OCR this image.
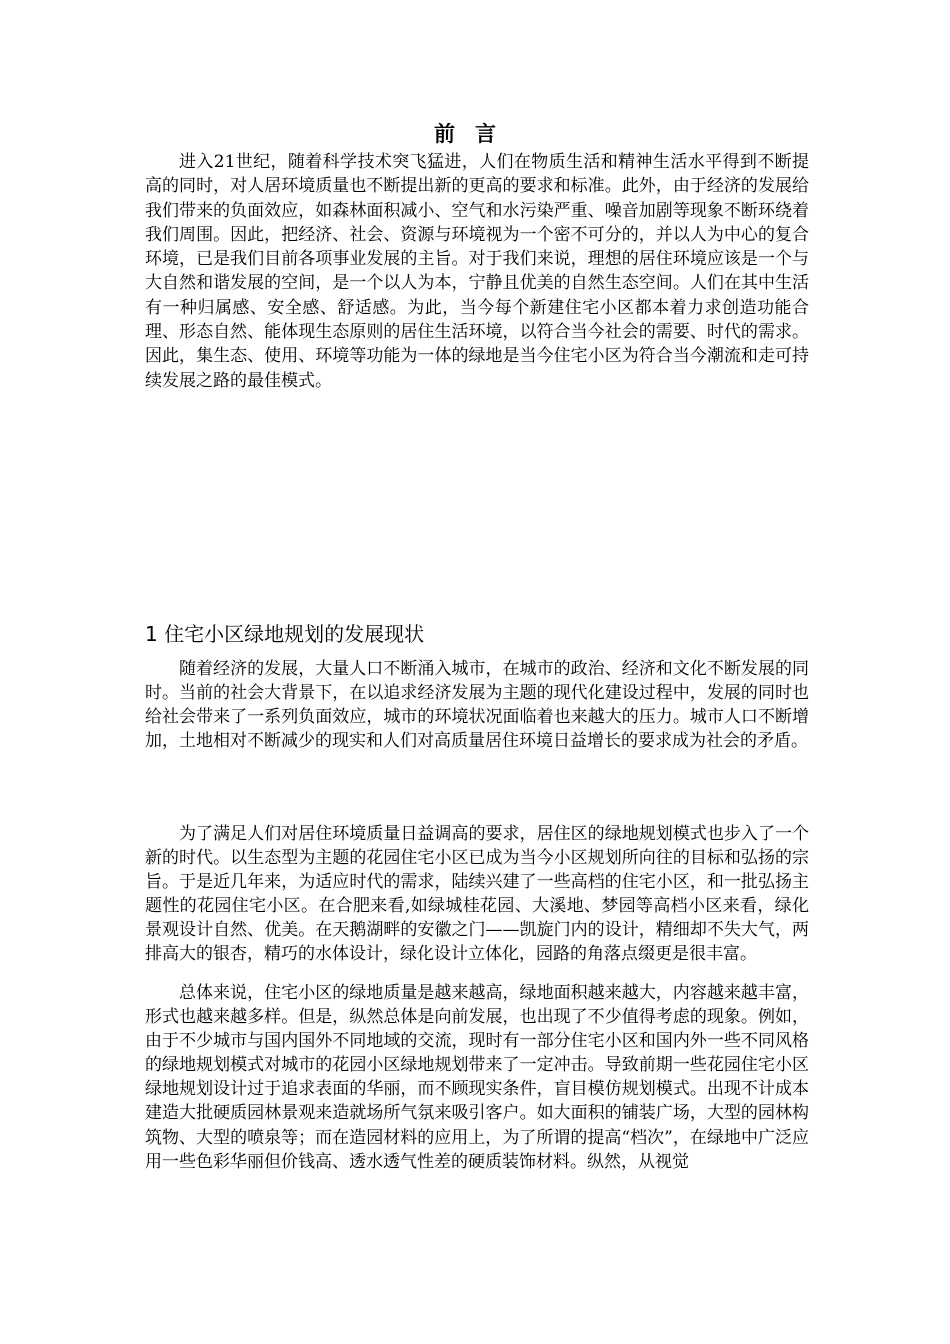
前言
进入21世纪，随着科学技术突飞猛进，人们在物质生活和精神生活水平得到不断提高的同时，对人居环境质量也不断提出新的更高的要求和标准。此外，由于经济的发展给我们带来的负面效应，如森林面积减小、空气和水污染严重、噪音加剧等现象不断环绕着我们周围。因此，把经济、社会、资源与环境视为一个密不可分的，并以人为中心的复合环境，已是我们目前各项事业发展的主旨。对于我们来说，理想的居住环境应该是一个与大自然和谐发展的空间，是一个以人为本，宁静且优美的自然生态空间。人们在其中生活有一种归属感、安全感、舒适感。为此，当今每个新建住宅小区都本着力求创造功能合理、形态自然、能体现生态原则的居住生活环境，以符合当今社会的需要、时代的需求。因此，集生态、使用、环境等功能为一体的绿地是当今住宅小区为符合当今潮流和走可持续发展之路的最佳模式。
1 住宅小区绿地规划的发展现状
随着经济的发展，大量人口不断涌入城市，在城市的政治、经济和文化不断发展的同时。当前的社会大背景下，在以追求经济发展为主题的现代化建设过程中，发展的同时也给社会带来了一系列负面效应，城市的环境状况面临着也来越大的压力。城市人口不断增加，土地相对不断减少的现实和人们对高质量居住环境日益增长的要求成为社会的矛盾。
为了满足人们对居住环境质量日益调高的要求，居住区的绿地规划模式也步入了一个新的时代。以生态型为主题的花园住宅小区已成为当今小区规划所向往的目标和弘扬的宗旨。于是近几年来，为适应时代的需求，陆续兴建了一些高档的住宅小区，和一批弘扬主题性的花园住宅小区。在合肥来看,如绿城桂花园、大溪地、梦园等高档小区来看，绿化景观设计自然、优美。在天鹅湖畔的安徽之门——凯旋门内的设计，精细却不失大气，两排高大的银杏，精巧的水体设计，绿化设计立体化，园路的角落点缀更是很丰富。
总体来说，住宅小区的绿地质量是越来越高，绿地面积越来越大，内容越来越丰富，形式也越来越多样。但是，纵然总体是向前发展，也出现了不少值得考虑的现象。例如，由于不少城市与国内国外不同地域的交流，现时有一部分住宅小区和国内外一些不同风格的绿地规划模式对城市的花园小区绿地规划带来了一定冲击。导致前期一些花园住宅小区绿地规划设计过于追求表面的华丽，而不顾现实条件，盲目模仿规划模式。出现不计成本建造大批硬质园林景观来造就场所气氛来吸引客户。如大面积的铺装广场，大型的园林构筑物、大型的喷泉等；而在造园材料的应用上，为了所谓的提高“档次”，在绿地中广泛应用一些色彩华丽但价钱高、透水透气性差的硬质装饰材料。纵然，从视觉
